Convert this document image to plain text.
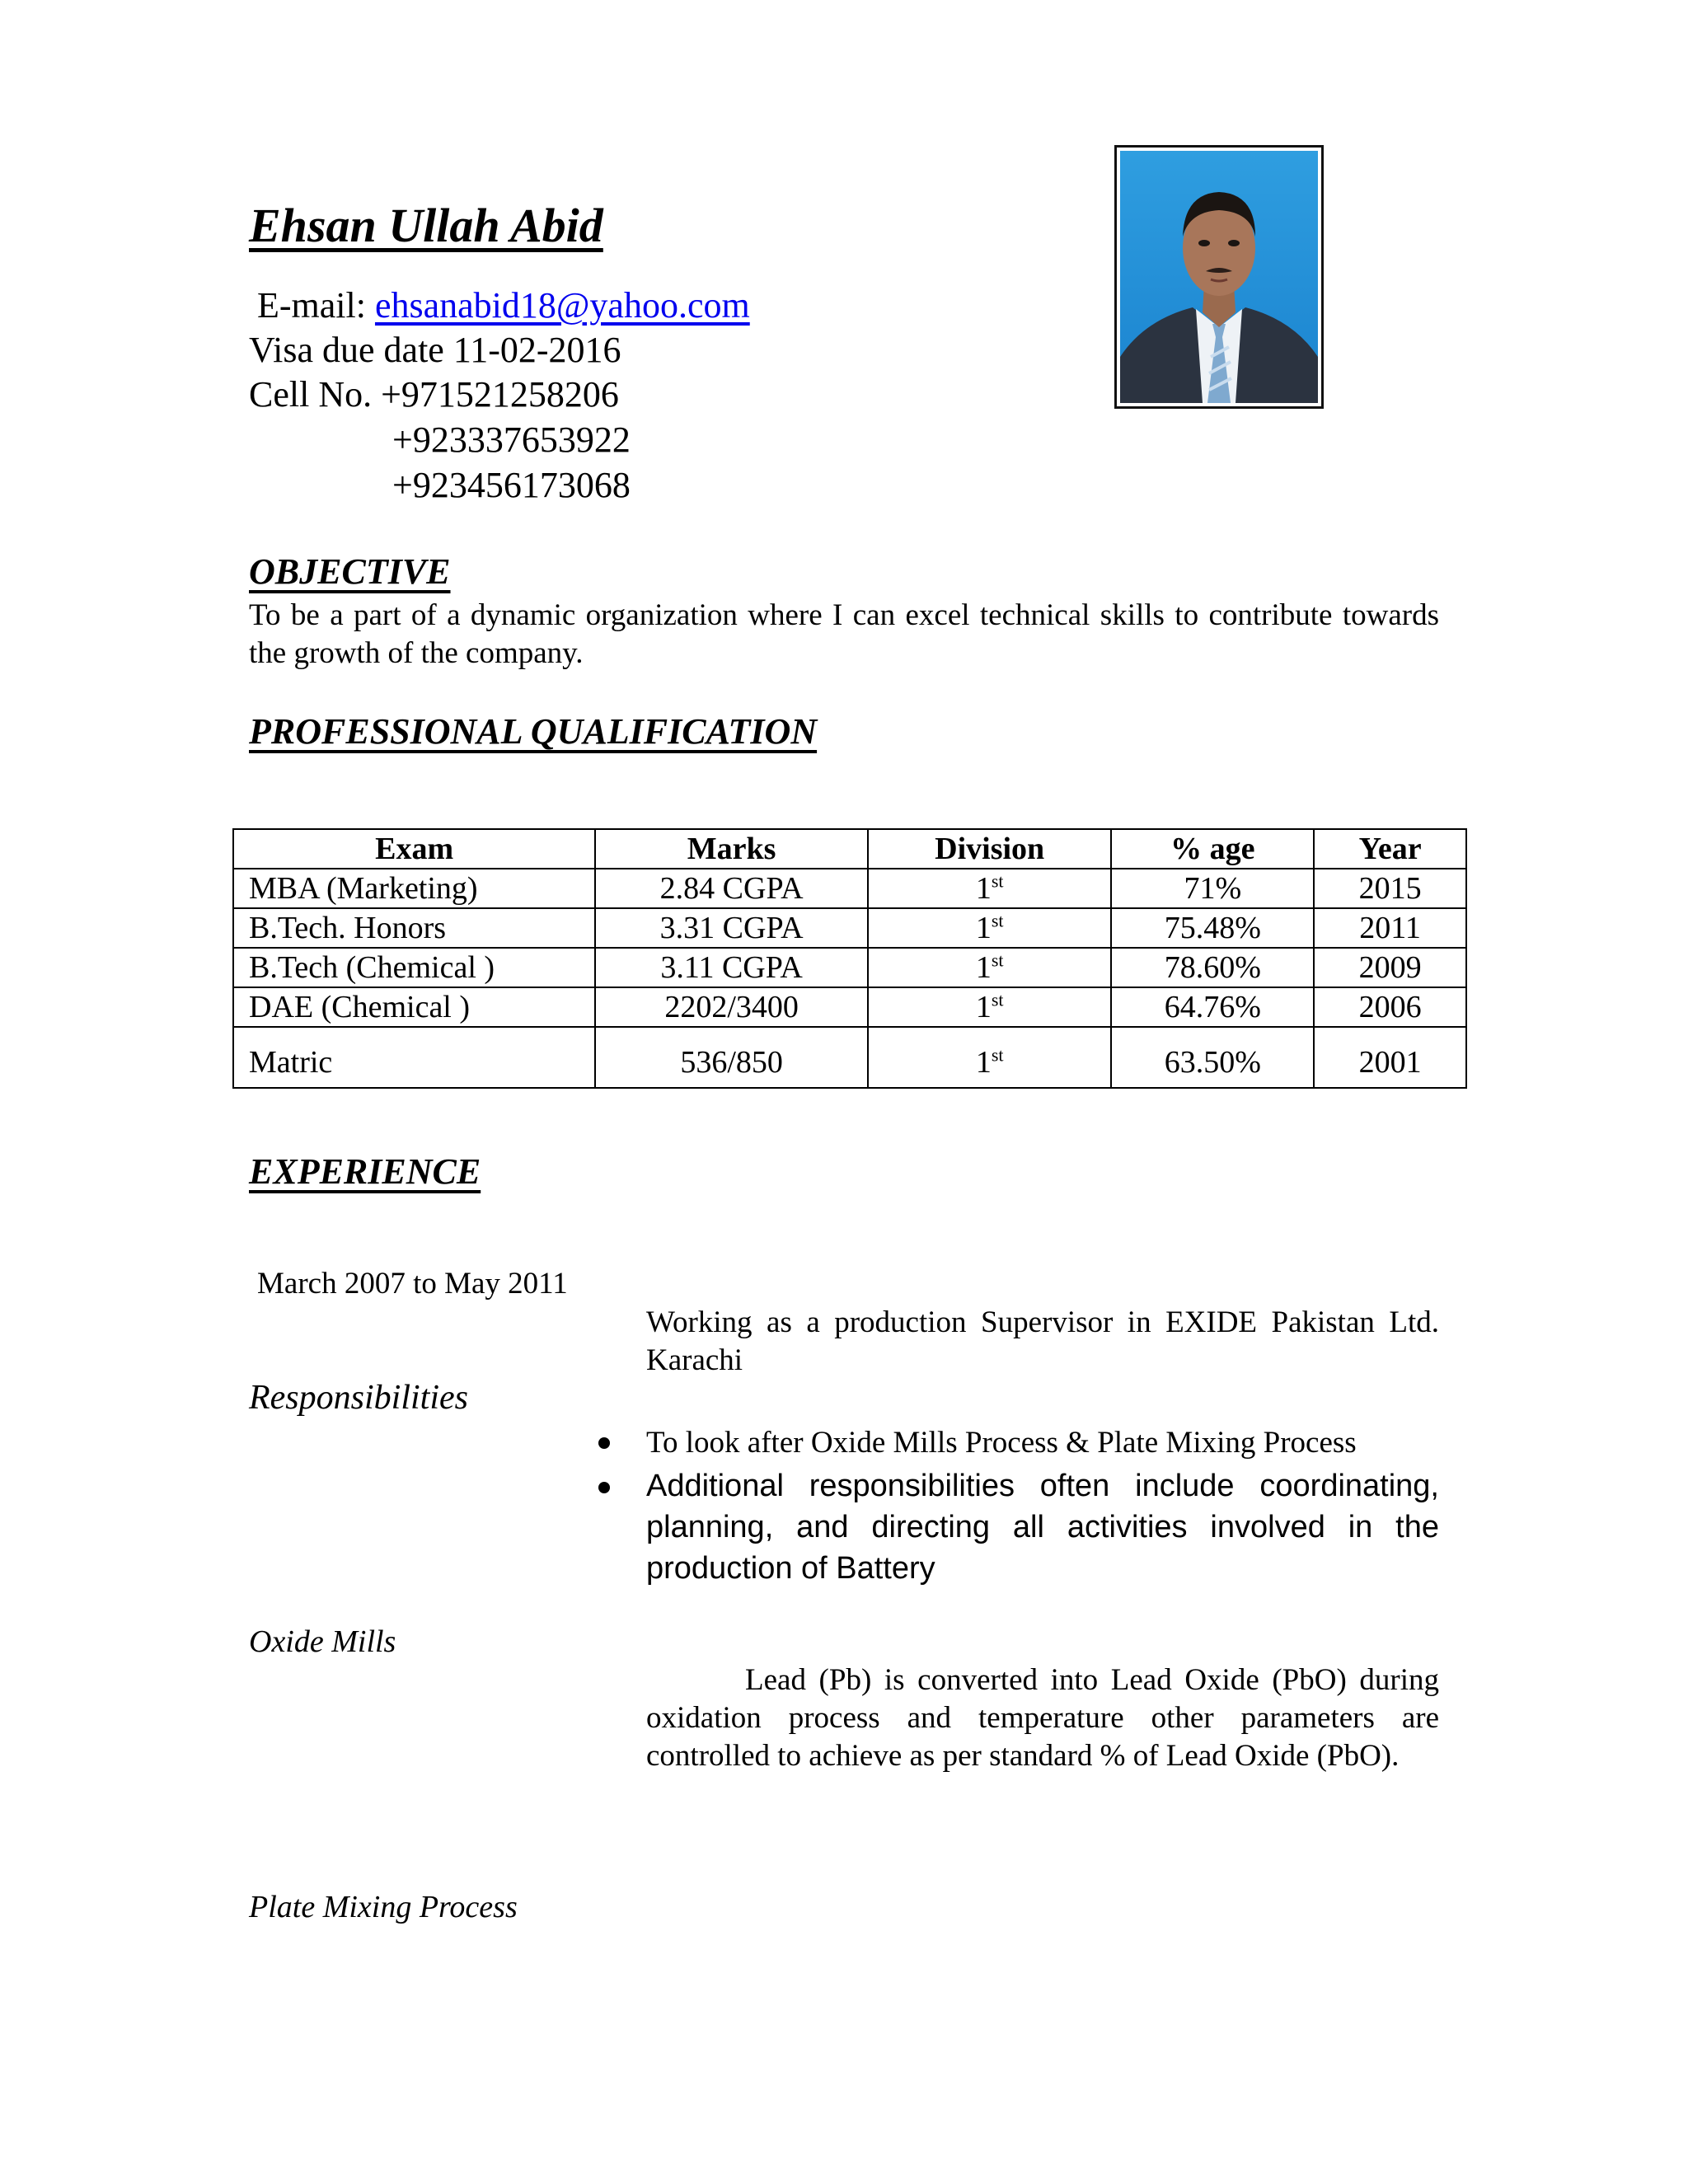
Ehsan Ullah Abid
E-mail: ehsanabid18@yahoo.com
Visa due date 11-02-2016
Cell No. +971521258206
+923337653922
+923456173068
OBJECTIVE
To be a part of a dynamic organization where I can excel technical skills to contribute towards the growth of the company.
PROFESSIONAL QUALIFICATION
Exam	Marks	Division	% age	Year
MBA (Marketing)	2.84 CGPA	1st	71%	2015
B.Tech. Honors	3.31 CGPA	1st	75.48%	2011
B.Tech (Chemical )	3.11 CGPA	1st	78.60%	2009
DAE (Chemical )	2202/3400	1st	64.76%	2006
Matric	536/850	1st	63.50%	2001
EXPERIENCE
March 2007 to May 2011
Working as a production Supervisor in EXIDE Pakistan Ltd. Karachi
Responsibilities
To look after Oxide Mills Process & Plate Mixing Process
Additional responsibilities often include coordinating, planning, and directing all activities involved in the production of Battery
Oxide Mills
Lead (Pb) is converted into Lead Oxide (PbO) during oxidation process and temperature other parameters are controlled to achieve as per standard % of Lead Oxide (PbO).
Plate Mixing Process
